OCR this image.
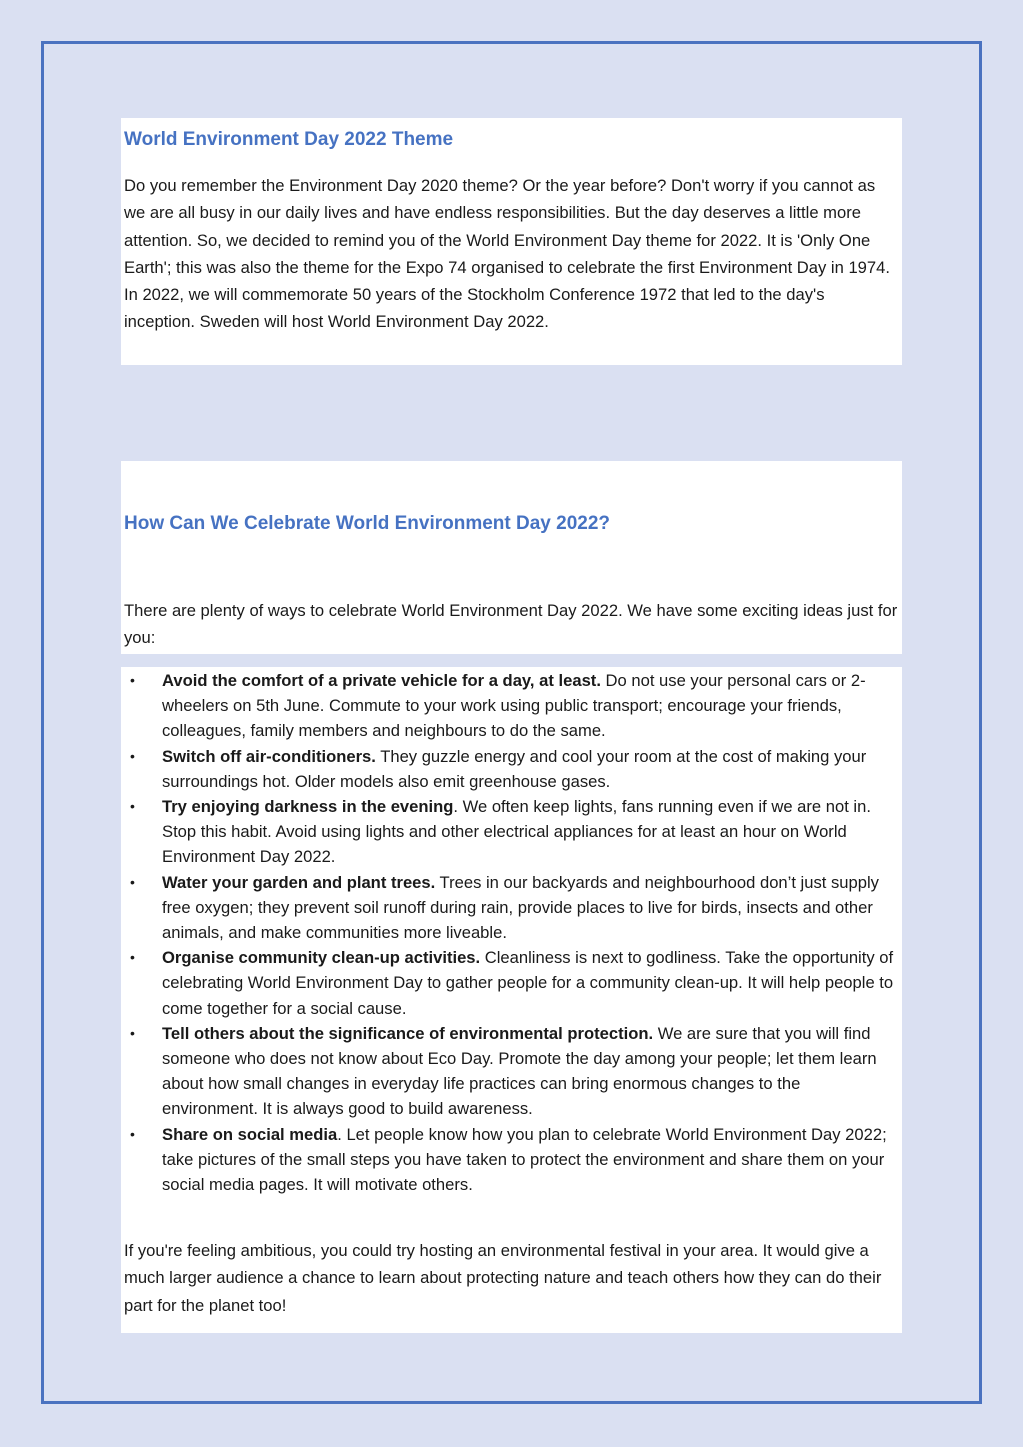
World Environment Day 2022 Theme

Do you remember the Environment Day 2020 theme? Or the year before? Don't worry if you cannot as we are all busy in our daily lives and have endless responsibilities. But the day deserves a little more attention. So, we decided to remind you of the World Environment Day theme for 2022. It is 'Only One Earth'; this was also the theme for the Expo 74 organised to celebrate the first Environment Day in 1974. In 2022, we will commemorate 50 years of the Stockholm Conference 1972 that led to the day's inception. Sweden will host World Environment Day 2022.

How Can We Celebrate World Environment Day 2022?

There are plenty of ways to celebrate World Environment Day 2022. We have some exciting ideas just for you:

• Avoid the comfort of a private vehicle for a day, at least. Do not use your personal cars or 2-wheelers on 5th June. Commute to your work using public transport; encourage your friends, colleagues, family members and neighbours to do the same.
• Switch off air-conditioners. They guzzle energy and cool your room at the cost of making your surroundings hot. Older models also emit greenhouse gases.
• Try enjoying darkness in the evening. We often keep lights, fans running even if we are not in. Stop this habit. Avoid using lights and other electrical appliances for at least an hour on World Environment Day 2022.
• Water your garden and plant trees. Trees in our backyards and neighbourhood don’t just supply free oxygen; they prevent soil runoff during rain, provide places to live for birds, insects and other animals, and make communities more liveable.
• Organise community clean-up activities. Cleanliness is next to godliness. Take the opportunity of celebrating World Environment Day to gather people for a community clean-up. It will help people to come together for a social cause.
• Tell others about the significance of environmental protection. We are sure that you will find someone who does not know about Eco Day. Promote the day among your people; let them learn about how small changes in everyday life practices can bring enormous changes to the environment. It is always good to build awareness.
• Share on social media. Let people know how you plan to celebrate World Environment Day 2022; take pictures of the small steps you have taken to protect the environment and share them on your social media pages. It will motivate others.

If you're feeling ambitious, you could try hosting an environmental festival in your area. It would give a much larger audience a chance to learn about protecting nature and teach others how they can do their part for the planet too!
